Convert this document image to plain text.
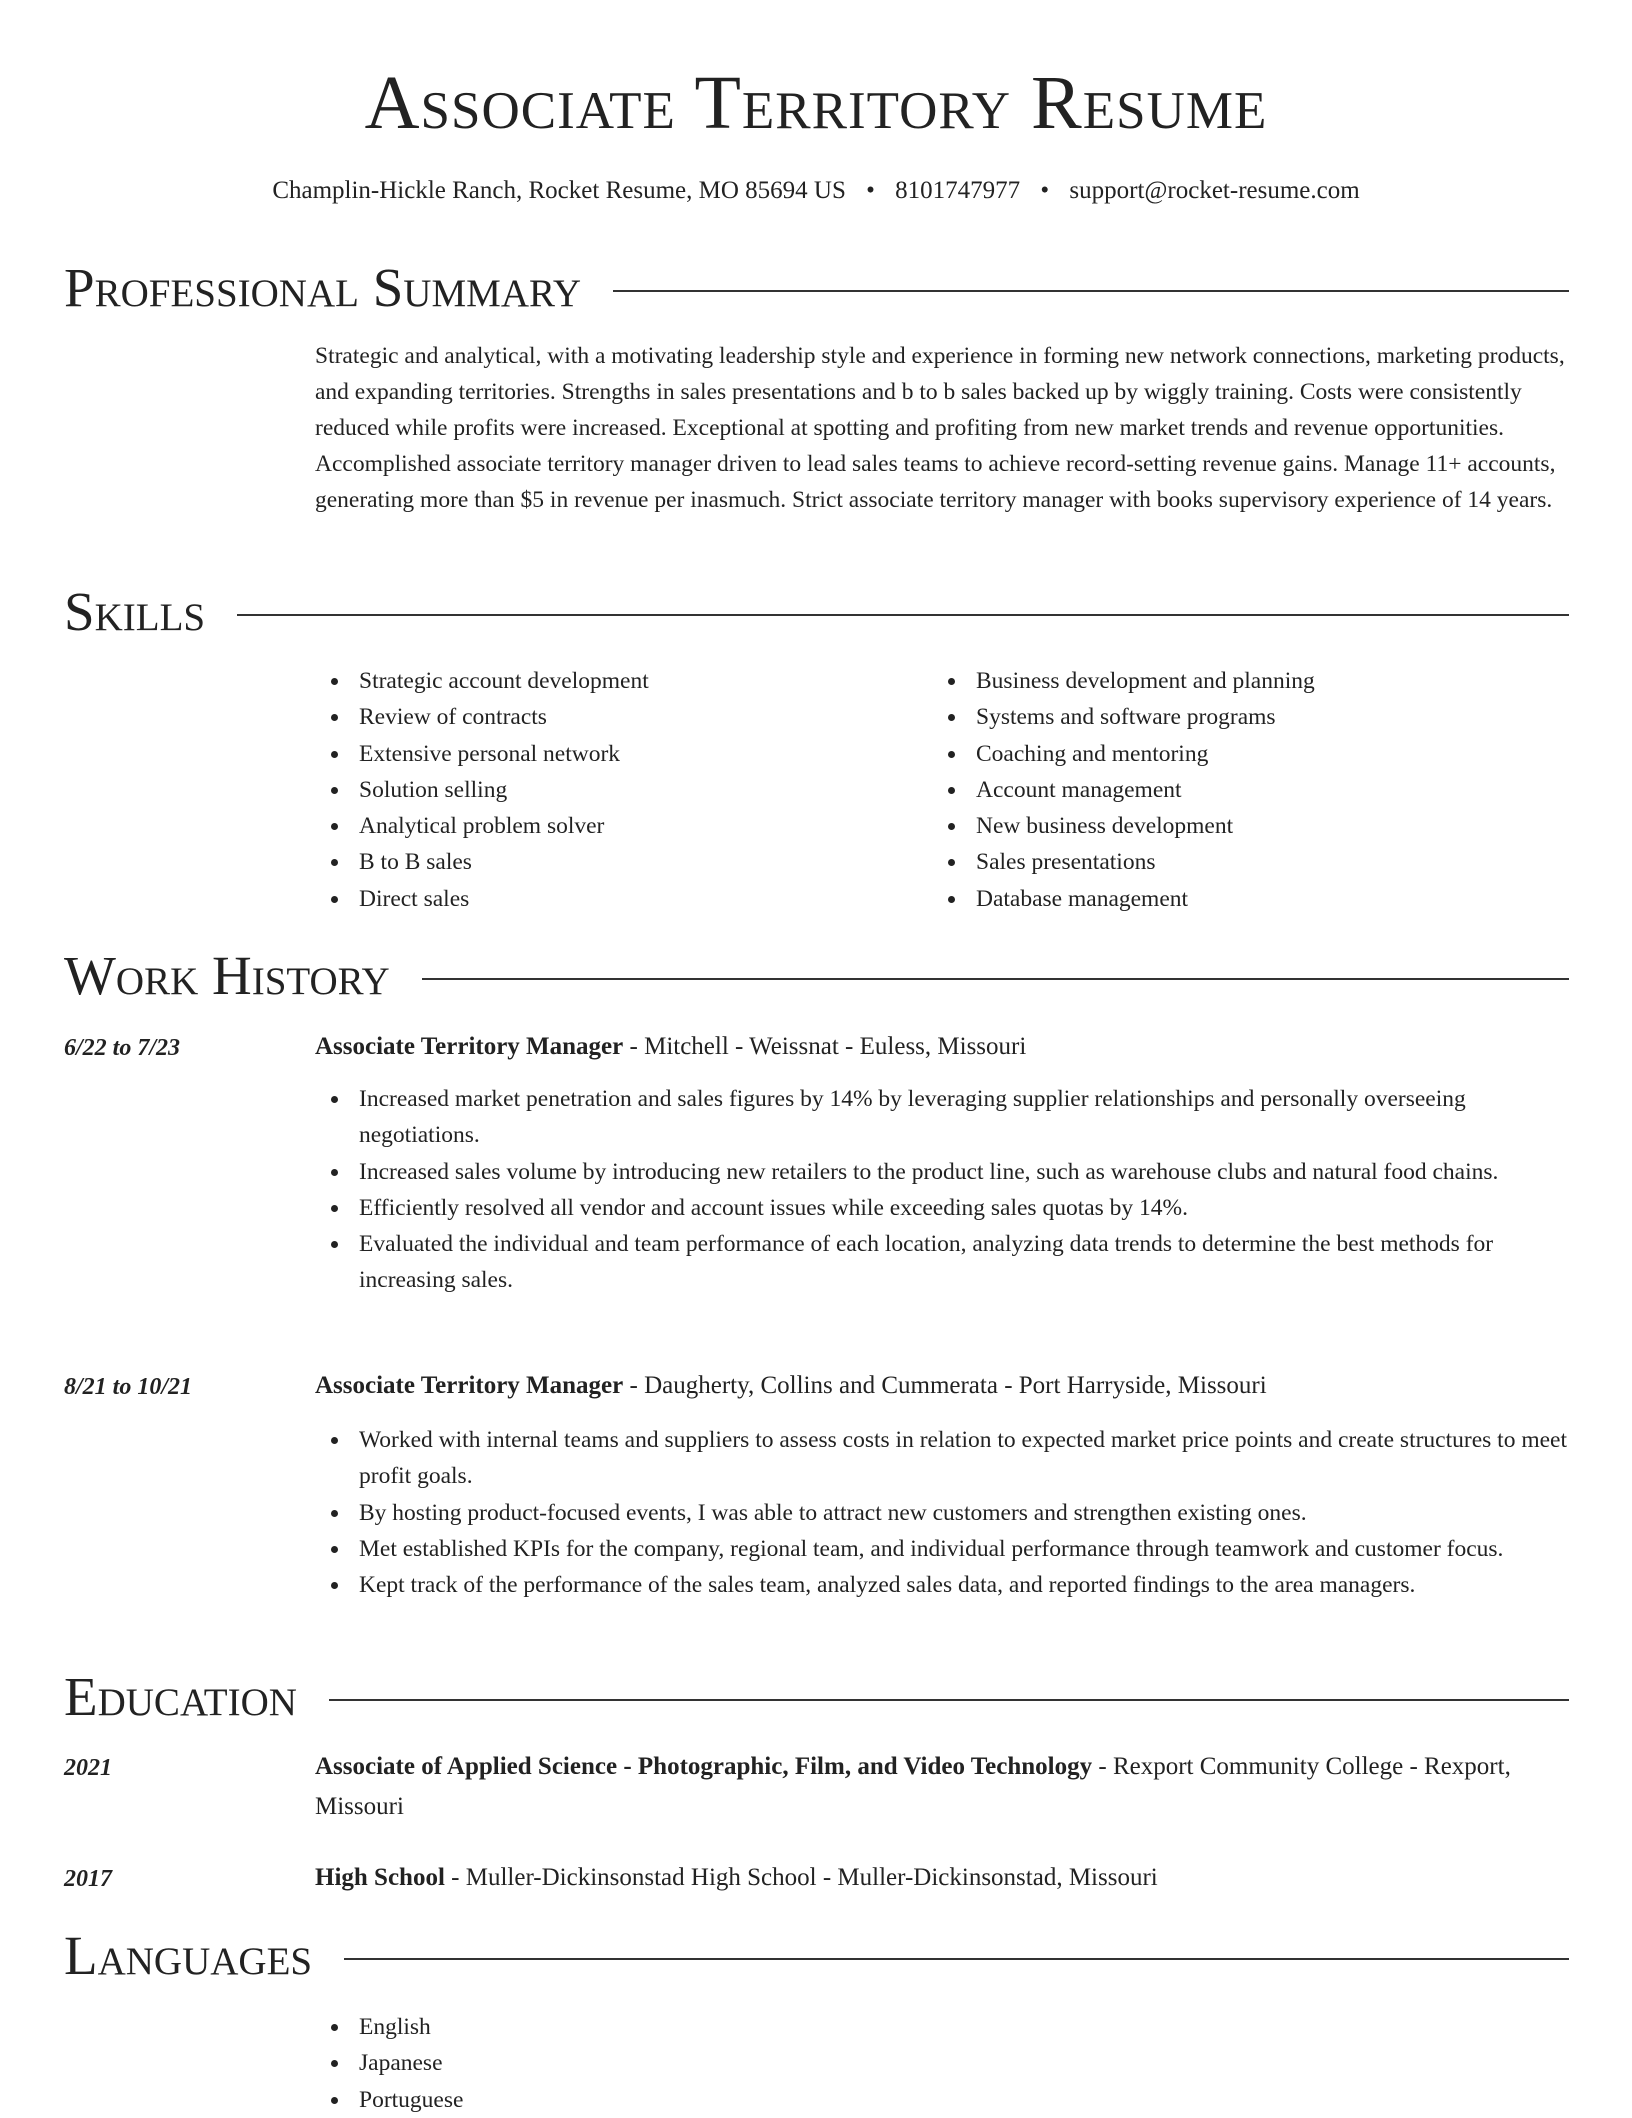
Associate Territory Resume
Champlin-Hickle Ranch, Rocket Resume, MO 85694 US • 8101747977 • support@rocket-resume.com
Professional Summary
Strategic and analytical, with a motivating leadership style and experience in forming new network connections, marketing products, and expanding territories. Strengths in sales presentations and b to b sales backed up by wiggly training. Costs were consistently reduced while profits were increased. Exceptional at spotting and profiting from new market trends and revenue opportunities. Accomplished associate territory manager driven to lead sales teams to achieve record-setting revenue gains. Manage 11+ accounts, generating more than $5 in revenue per inasmuch. Strict associate territory manager with books supervisory experience of 14 years.
Skills
Strategic account development
Review of contracts
Extensive personal network
Solution selling
Analytical problem solver
B to B sales
Direct sales
Business development and planning
Systems and software programs
Coaching and mentoring
Account management
New business development
Sales presentations
Database management
Work History
6/22 to 7/23	Associate Territory Manager - Mitchell - Weissnat - Euless, Missouri
Increased market penetration and sales figures by 14% by leveraging supplier relationships and personally overseeing negotiations.
Increased sales volume by introducing new retailers to the product line, such as warehouse clubs and natural food chains.
Efficiently resolved all vendor and account issues while exceeding sales quotas by 14%.
Evaluated the individual and team performance of each location, analyzing data trends to determine the best methods for increasing sales.
8/21 to 10/21	Associate Territory Manager - Daugherty, Collins and Cummerata - Port Harryside, Missouri
Worked with internal teams and suppliers to assess costs in relation to expected market price points and create structures to meet profit goals.
By hosting product-focused events, I was able to attract new customers and strengthen existing ones.
Met established KPIs for the company, regional team, and individual performance through teamwork and customer focus.
Kept track of the performance of the sales team, analyzed sales data, and reported findings to the area managers.
Education
2021	Associate of Applied Science - Photographic, Film, and Video Technology - Rexport Community College - Rexport, Missouri
2017	High School - Muller-Dickinsonstad High School - Muller-Dickinsonstad, Missouri
Languages
English
Japanese
Portuguese
